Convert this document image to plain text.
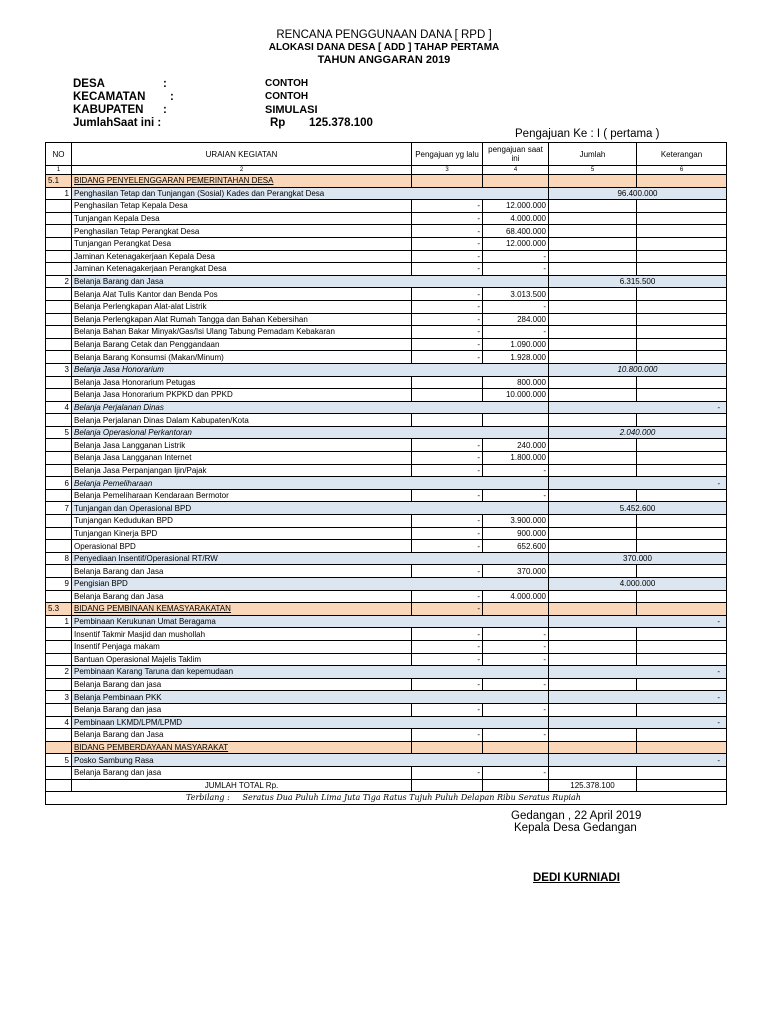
RENCANA PENGGUNAAN DANA [ RPD ]
ALOKASI DANA DESA [ ADD ] TAHAP PERTAMA
TAHUN ANGGARAN 2019
DESA	:	CONTOH
KECAMATAN :	CONTOH
KABUPATEN :	SIMULASI
JumlahSaat ini :	Rp 125.378.100
Pengajuan Ke : I ( pertama )
NO	URAIAN KEGIATAN	Pengajuan yg lalu	pengajuan saat ini	Jumlah	Keterangan
1	2	3	4	5	6
5.1	BIDANG PENYELENGGARAN PEMERINTAHAN DESA				
1	Penghasilan Tetap dan Tunjangan (Sosial) Kades dan Perangkat Desa			96.400.000	
	Penghasilan Tetap Kepala Desa	-	12.000.000		
	Tunjangan Kepala Desa	-	4.000.000		
	Penghasilan Tetap Perangkat Desa	-	68.400.000		
	Tunjangan Perangkat Desa	-	12.000.000		
	Jaminan Ketenagakerjaan Kepala Desa	-	-		
	Jaminan Ketenagakerjaan Perangkat Desa	-	-		
2	Belanja Barang dan Jasa			6.315.500	
	Belanja Alat Tulis Kantor dan Benda Pos	-	3.013.500		
	Belanja Perlengkapan Alat-alat Listrik	-	-		
	Belanja Perlengkapan Alat Rumah Tangga dan Bahan Kebersihan	-	284.000		
	Belanja Bahan Bakar Minyak/Gas/Isi Ulang Tabung Pemadam Kebakaran	-	-		
	Belanja Barang Cetak dan Penggandaan	-	1.090.000		
	Belanja Barang Konsumsi (Makan/Minum)	-	1.928.000		
3	Belanja Jasa Honorarium			10.800.000	
	Belanja Jasa Honorarium Petugas		800.000		
	Belanja Jasa Honorarium PKPKD dan PPKD		10.000.000		
4	Belanja Perjalanan Dinas			-	
	Belanja Perjalanan Dinas Dalam Kabupaten/Kota				
5	Belanja Operasional Perkantoran			2.040.000	
	Belanja Jasa Langganan Listrik	-	240.000		
	Belanja Jasa Langganan Internet	-	1.800.000		
	Belanja Jasa Perpanjangan Ijin/Pajak	-	-		
6	Belanja Pemeliharaan			-	
	Belanja Pemeliharaan Kendaraan Bermotor	-	-		
7	Tunjangan dan Operasional BPD			5.452.600	
	Tunjangan Kedudukan BPD	-	3.900.000		
	Tunjangan Kinerja BPD	-	900.000		
	Operasional BPD	-	652.600		
8	Penyediaan Insentif/Operasional RT/RW			370.000	
	Belanja Barang dan Jasa	-	370.000		
9	Pengisian BPD			4.000.000	
	Belanja Barang dan Jasa	-	4.000.000		
5.3	BIDANG PEMBINAAN KEMASYARAKATAN	-			
1	Pembinaan Kerukunan Umat Beragama			-	
	Insentif Takmir Masjid dan mushollah	-	-		
	Insentif Penjaga makam	-	-		
	Bantuan Operasional Majelis Taklim	-	-		
2	Pembinaan Karang Taruna dan kepemudaan			-	
	Belanja Barang dan jasa	-	-		
3	Belanja Pembinaan PKK			-	
	Belanja Barang dan jasa	-	-		
4	Pembinaan LKMD/LPM/LPMD			-	
	Belanja Barang dan Jasa	-	-		
	BIDANG PEMBERDAYAAN MASYARAKAT				
5	Posko Sambung Rasa			-	
	Belanja Barang dan jasa	-	-		
	JUMLAH TOTAL Rp.			125.378.100	
Terbilang : Seratus Dua Puluh Lima Juta Tiga Ratus Tujuh Puluh Delapan Ribu Seratus Rupiah					
Gedangan , 22 April 2019
Kepala Desa Gedangan
DEDI KURNIADI
